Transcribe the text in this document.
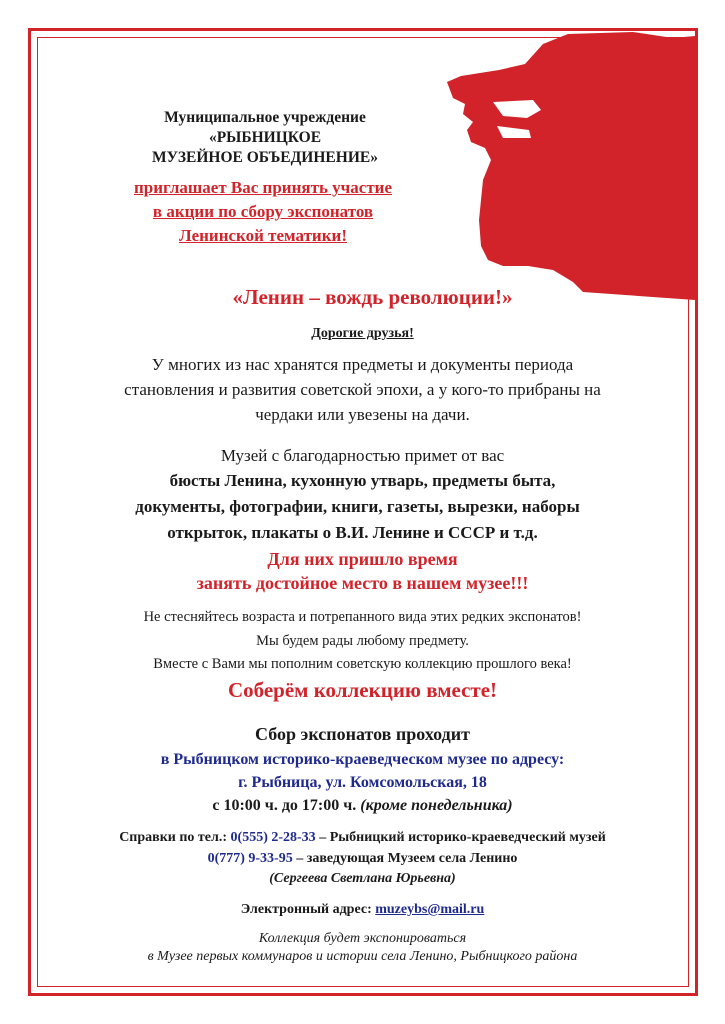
Муниципальное учреждение
«РЫБНИЦКОЕ
МУЗЕЙНОЕ ОБЪЕДИНЕНИЕ»
приглашает Вас принять участие
в акции по сбору экспонатов
Ленинской тематики!
«Ленин – вождь революции!»
Дорогие друзья!
У многих из нас хранятся предметы и документы периода
становления и развития советской эпохи, а у кого-то прибраны на
чердаки или увезены на дачи.
Музей с благодарностью примет от вас
бюсты Ленина, кухонную утварь, предметы быта,
документы, фотографии, книги, газеты, вырезки, наборы
открыток, плакаты о В.И. Ленине и СССР и т.д.
Для них пришло время
занять достойное место в нашем музее!!!
Не стесняйтесь возраста и потрепанного вида этих редких экспонатов!
Мы будем рады любому предмету.
Вместе с Вами мы пополним советскую коллекцию прошлого века!
Соберём коллекцию вместе!
Сбор экспонатов проходит
в Рыбницком историко-краеведческом музее по адресу:
г. Рыбница, ул. Комсомольская, 18
с 10:00 ч. до 17:00 ч. (кроме понедельника)
Справки по тел.: 0(555) 2-28-33 – Рыбницкий историко-краеведческий музей
0(777) 9-33-95 – заведующая Музеем села Ленино
(Сергеева Светлана Юрьевна)
Электронный адрес: muzeybs@mail.ru
Коллекция будет экспонироваться
в Музее первых коммунаров и истории села Ленино, Рыбницкого района
